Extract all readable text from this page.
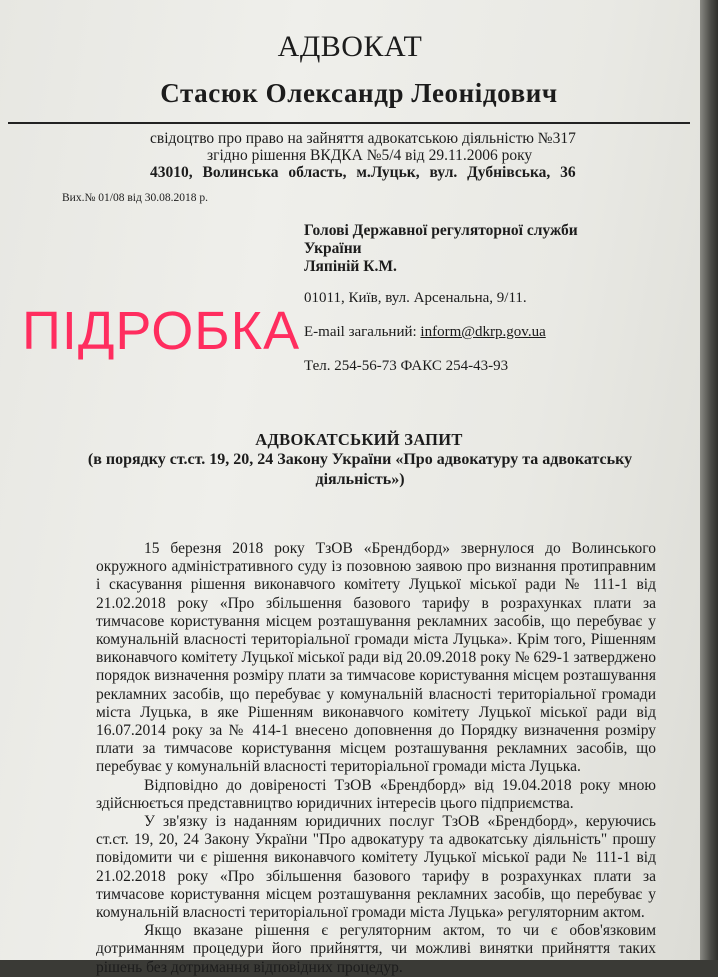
АДВОКАТ
Стасюк Олександр Леонідович
свідоцтво про право на зайняття адвокатською діяльністю №317
згідно рішення ВКДКА №5/4 від 29.11.2006 року
43010, Волинська область, м.Луцьк, вул. Дубнівська, 36
Вих.№ 01/08 від 30.08.2018 р.
Голові Державної регуляторної служби
України
Ляпіній К.М.
01011, Київ, вул. Арсенальна, 9/11.
E-mail загальний: inform@dkrp.gov.ua
Тел. 254-56-73 ФАКС 254-43-93
ПІДРОБКА
АДВОКАТСЬКИЙ ЗАПИТ
(в порядку ст.ст. 19, 20, 24 Закону України «Про адвокатуру та адвокатську діяльність»)

15 березня 2018 року ТзОВ «Брендборд» звернулося до Волинського окружного адміністративного суду із позовною заявою про визнання протиправним і скасування рішення виконавчого комітету Луцької міської ради № 111-1 від 21.02.2018 року «Про збільшення базового тарифу в розрахунках плати за тимчасове користування місцем розташування рекламних засобів, що перебуває у комунальній власності територіальної громади міста Луцька». Крім того, Рішенням виконавчого комітету Луцької міської ради від 20.09.2018 року № 629-1 затверджено порядок визначення розміру плати за тимчасове користування місцем розташування рекламних засобів, що перебуває у комунальній власності територіальної громади міста Луцька, в яке Рішенням виконавчого комітету Луцької міської ради від 16.07.2014 року за № 414-1 внесено доповнення до Порядку визначення розміру плати за тимчасове користування місцем розташування рекламних засобів, що перебуває у комунальній власності територіальної громади міста Луцька.

Відповідно до довіреності ТзОВ «Брендборд» від 19.04.2018 року мною здійснюється представництво юридичних інтересів цього підприємства.

У зв'язку із наданням юридичних послуг ТзОВ «Брендборд», керуючись ст.ст. 19, 20, 24 Закону України "Про адвокатуру та адвокатську діяльність" прошу повідомити чи є рішення виконавчого комітету Луцької міської ради № 111-1 від 21.02.2018 року «Про збільшення базового тарифу в розрахунках плати за тимчасове користування місцем розташування рекламних засобів, що перебуває у комунальній власності територіальної громади міста Луцька» регуляторним актом.

Якщо вказане рішення є регуляторним актом, то чи є обов'язковим дотриманням процедури його прийняття, чи можливі винятки прийняття таких рішень без дотримання відповідних процедур.
